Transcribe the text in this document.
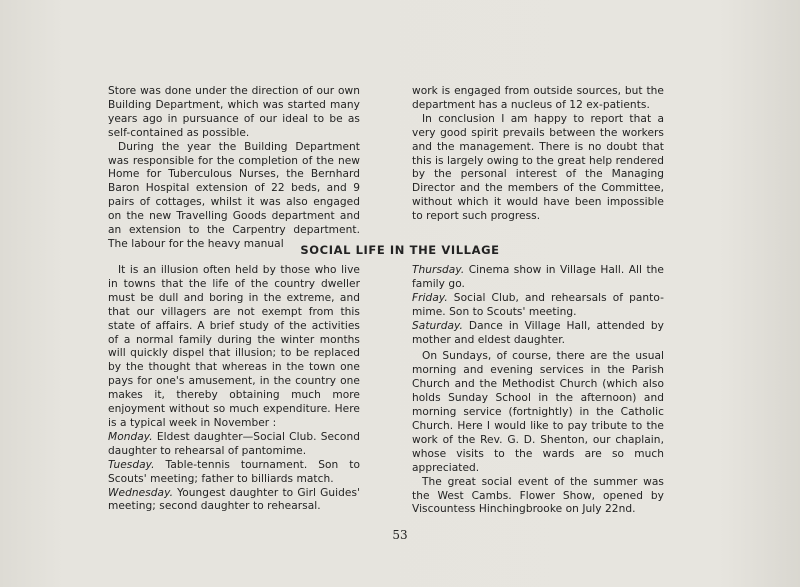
Store was done under the direction of our own Building Department, which was started many years ago in pursuance of our ideal to be as self-contained as possible.

During the year the Building Department was responsible for the completion of the new Home for Tuberculous Nurses, the Bernhard Baron Hospital extension of 22 beds, and 9 pairs of cottages, whilst it was also engaged on the new Travelling Goods department and an extension to the Carpentry department. The labour for the heavy manual

work is engaged from outside sources, but the department has a nucleus of 12 ex-patients.

In conclusion I am happy to report that a very good spirit prevails between the workers and the management. There is no doubt that this is largely owing to the great help rendered by the personal interest of the Managing Director and the members of the Committee, without which it would have been impossible to report such progress.

SOCIAL LIFE IN THE VILLAGE

It is an illusion often held by those who live in towns that the life of the country dweller must be dull and boring in the extreme, and that our villagers are not exempt from this state of affairs. A brief study of the activities of a normal family during the winter months will quickly dispel that illusion; to be replaced by the thought that whereas in the town one pays for one's amusement, in the country one makes it, thereby obtaining much more enjoyment without so much expenditure. Here is a typical week in November :

Monday. Eldest daughter—Social Club. Second daughter to rehearsal of pantomime.

Tuesday. Table-tennis tournament. Son to Scouts' meeting; father to billiards match.

Wednesday. Youngest daughter to Girl Guides' meeting; second daughter to rehearsal.

Thursday. Cinema show in Village Hall. All the family go.

Friday. Social Club, and rehearsals of panto-mime. Son to Scouts' meeting.

Saturday. Dance in Village Hall, attended by mother and eldest daughter.

On Sundays, of course, there are the usual morning and evening services in the Parish Church and the Methodist Church (which also holds Sunday School in the afternoon) and morning service (fortnightly) in the Catholic Church. Here I would like to pay tribute to the work of the Rev. G. D. Shenton, our chaplain, whose visits to the wards are so much appreciated.

The great social event of the summer was the West Cambs. Flower Show, opened by Viscountess Hinchingbrooke on July 22nd.

53
